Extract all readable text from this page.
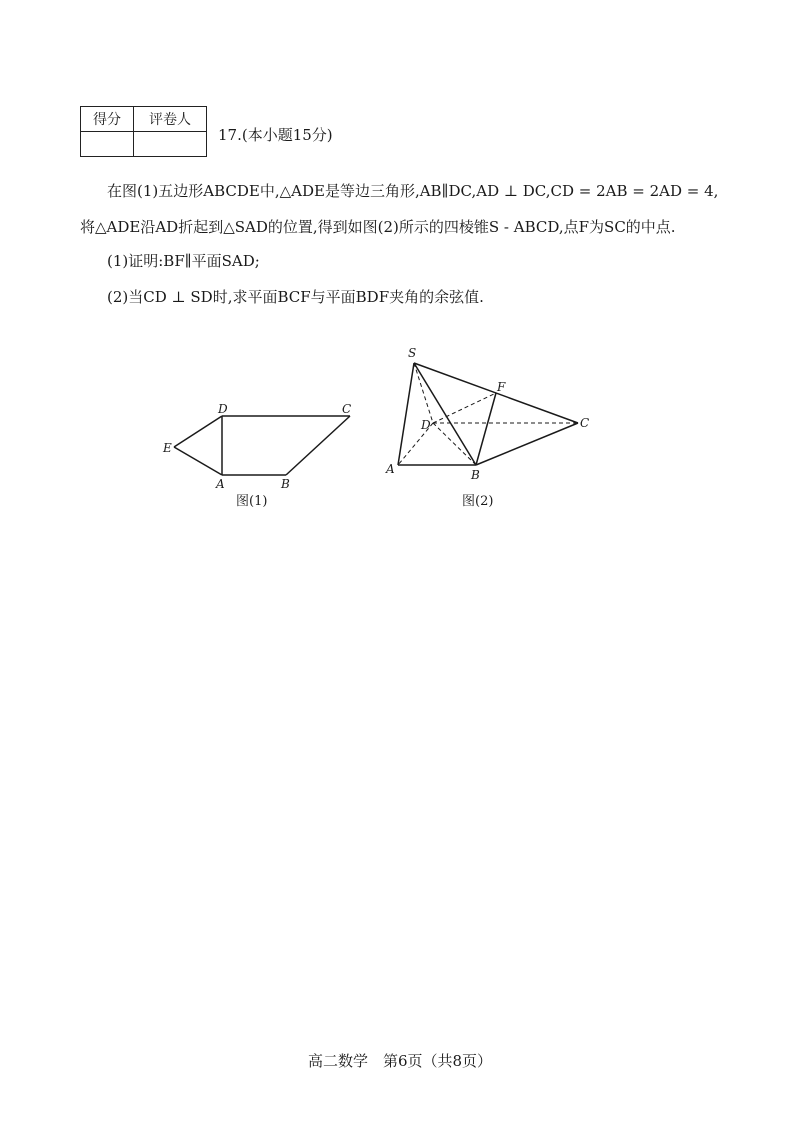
得分	评卷人

17.(本小题15分)
在图(1)五边形ABCDE中,△ADE是等边三角形,AB∥DC,AD ⊥ DC,CD = 2AB = 2AD = 4,
将△ADE沿AD折起到△SAD的位置,得到如图(2)所示的四棱锥S - ABCD,点F为SC的中点.
(1)证明:BF∥平面SAD;
(2)当CD ⊥ SD时,求平面BCF与平面BDF夹角的余弦值.
D	C
E
A	B
图(1)
S
F
D	C
A	B
图(2)
高二数学　第6页（共8页）
